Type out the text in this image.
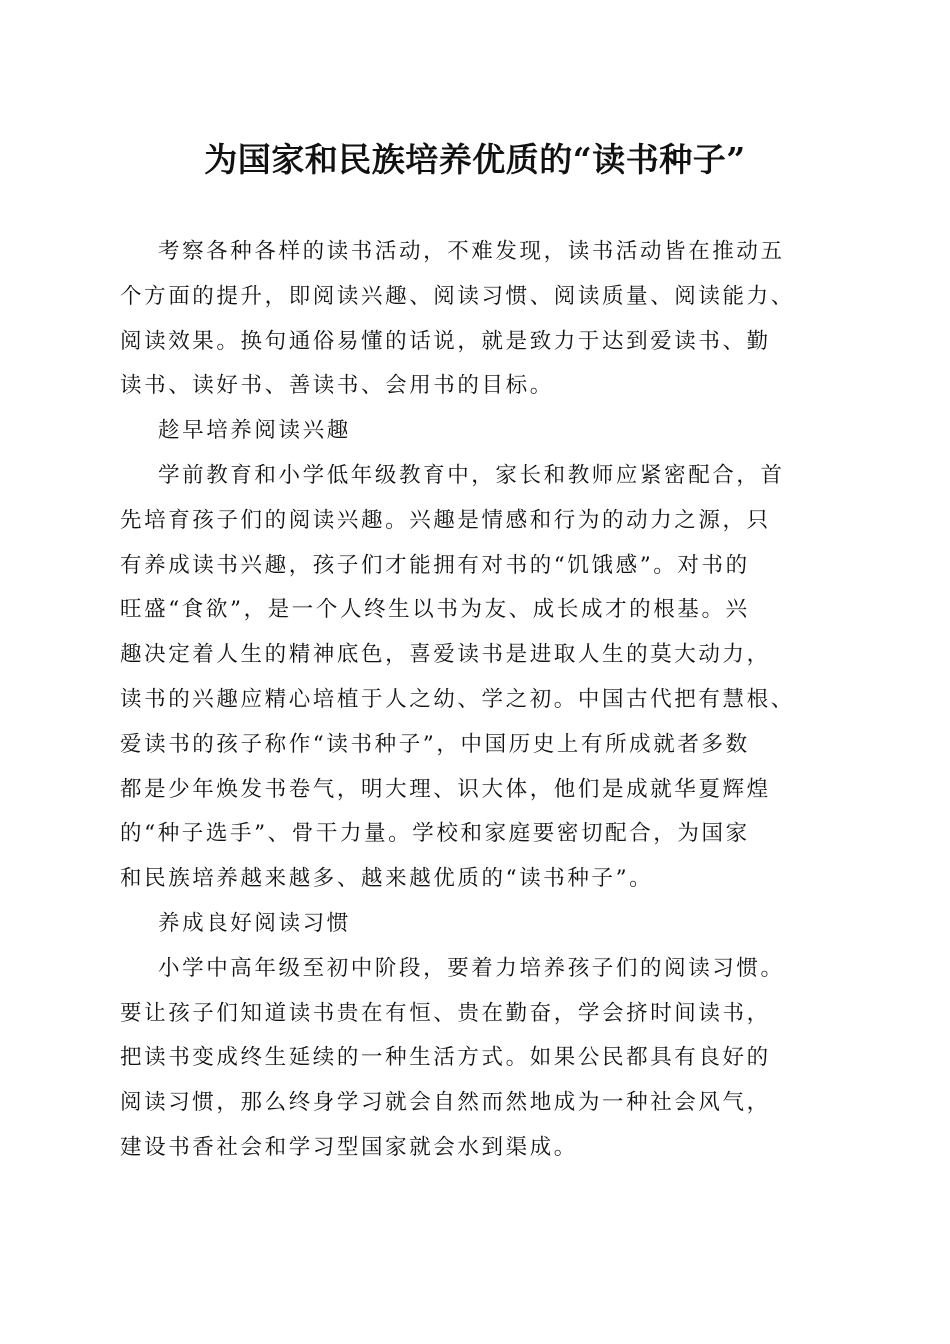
为国家和民族培养优质的“读书种子”

考察各种各样的读书活动，不难发现，读书活动皆在推动五

个方面的提升，即阅读兴趣、阅读习惯、阅读质量、阅读能力、

阅读效果。换句通俗易懂的话说，就是致力于达到爱读书、勤

读书、读好书、善读书、会用书的目标。

趁早培养阅读兴趣

学前教育和小学低年级教育中，家长和教师应紧密配合，首

先培育孩子们的阅读兴趣。兴趣是情感和行为的动力之源，只

有养成读书兴趣，孩子们才能拥有对书的“饥饿感”。对书的

旺盛“食欲”，是一个人终生以书为友、成长成才的根基。兴

趣决定着人生的精神底色，喜爱读书是进取人生的莫大动力，

读书的兴趣应精心培植于人之幼、学之初。中国古代把有慧根、

爱读书的孩子称作“读书种子”，中国历史上有所成就者多数

都是少年焕发书卷气，明大理、识大体，他们是成就华夏辉煌

的“种子选手”、骨干力量。学校和家庭要密切配合，为国家

和民族培养越来越多、越来越优质的“读书种子”。

养成良好阅读习惯

小学中高年级至初中阶段，要着力培养孩子们的阅读习惯。

要让孩子们知道读书贵在有恒、贵在勤奋，学会挤时间读书，

把读书变成终生延续的一种生活方式。如果公民都具有良好的

阅读习惯，那么终身学习就会自然而然地成为一种社会风气，

建设书香社会和学习型国家就会水到渠成。
